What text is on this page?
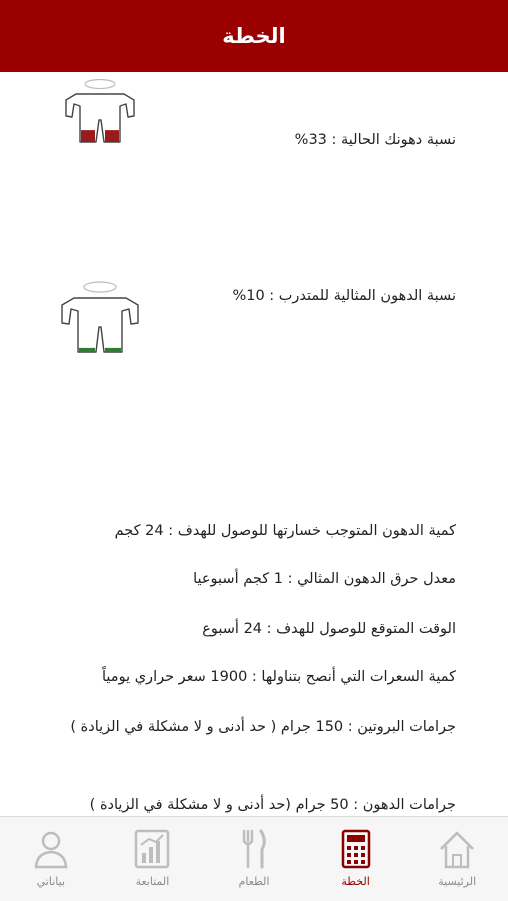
الخطة
نسبة دهونك الحالية : 33%
نسبة الدهون المثالية للمتدرب : 10%
كمية الدهون المتوجب خسارتها للوصول للهدف : 24 كجم
معدل حرق الدهون المثالي : 1 كجم أسبوعيا
الوقت المتوقع للوصول للهدف : 24 أسبوع
كمية السعرات التي أنصح بتناولها : 1900 سعر حراري يومياً
جرامات البروتين : 150 جرام ( حد أدنى و لا مشكلة في الزيادة )
جرامات الدهون : 50 جرام (حد أدنى و لا مشكلة في الزيادة )
الرئيسية
الخطة
الطعام
المتابعة
بياناتي
